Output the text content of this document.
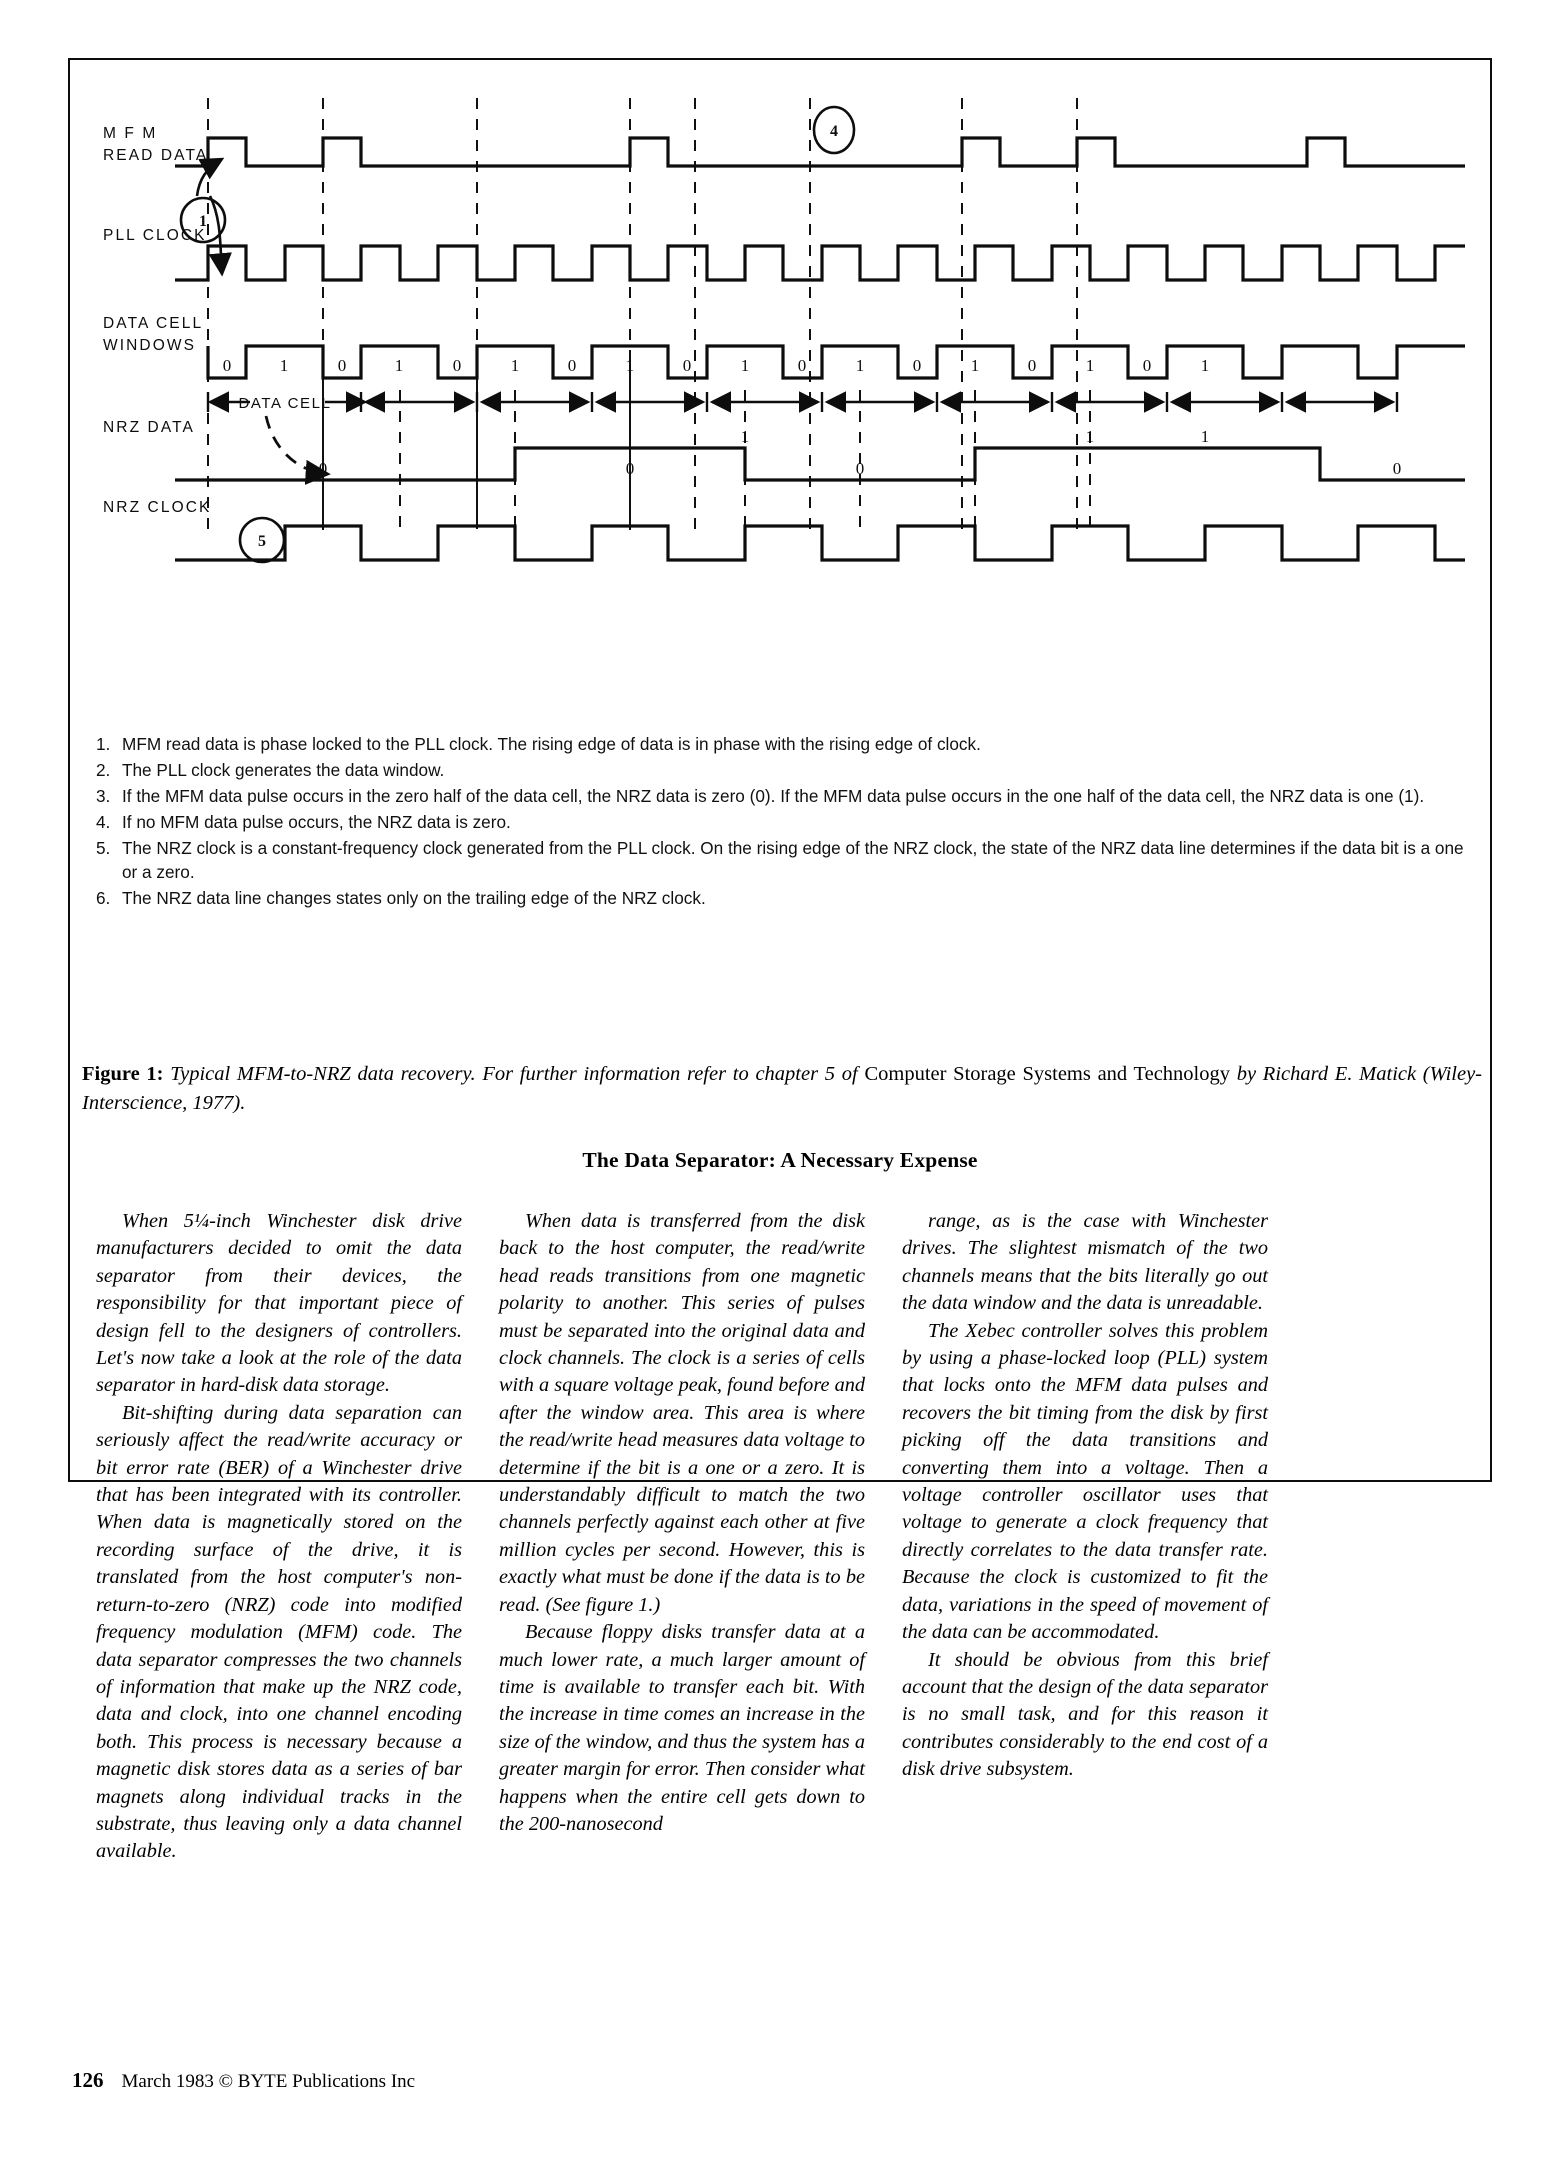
M F M
READ DATA
PLL CLOCK
DATA CELL
WINDOWS
NRZ DATA
NRZ CLOCK
1
4
0	1	0	1	0	1	0	1	0	1	0	1	0	1	0	1	0	1
DATA CELL
0	0
1
0
1	1
0
5
1. MFM read data is phase locked to the PLL clock. The rising edge of data is in phase with the rising edge of clock.
2. The PLL clock generates the data window.
3. If the MFM data pulse occurs in the zero half of the data cell, the NRZ data is zero (0). If the MFM data pulse occurs in the one half of the data cell, the NRZ data is one (1).
4. If no MFM data pulse occurs, the NRZ data is zero.
5. The NRZ clock is a constant-frequency clock generated from the PLL clock. On the rising edge of the NRZ clock, the state of the NRZ data line determines if the data bit is a one or a zero.
6. The NRZ data line changes states only on the trailing edge of the NRZ clock.
Figure 1: Typical MFM-to-NRZ data recovery. For further information refer to chapter 5 of Computer Storage Systems and Technology by Richard E. Matick (Wiley-Interscience, 1977).
The Data Separator: A Necessary Expense

When 5¼-inch Winchester disk drive manufacturers decided to omit the data separator from their devices, the responsibility for that important piece of design fell to the designers of controllers. Let's now take a look at the role of the data separator in hard-disk data storage.

Bit-shifting during data separation can seriously affect the read/write accuracy or bit error rate (BER) of a Winchester drive that has been integrated with its controller. When data is magnetically stored on the recording surface of the drive, it is translated from the host computer's non-return-to-zero (NRZ) code into modified frequency modulation (MFM) code. The data separator compresses the two channels of information that make up the NRZ code, data and clock, into one channel encoding both. This process is necessary because a magnetic disk stores data as a series of bar magnets along individual tracks in the substrate, thus leaving only a data channel available.

When data is transferred from the disk back to the host computer, the read/write head reads transitions from one magnetic polarity to another. This series of pulses must be separated into the original data and clock channels. The clock is a series of cells with a square voltage peak, found before and after the window area. This area is where the read/write head measures data voltage to determine if the bit is a one or a zero. It is understandably difficult to match the two channels perfectly against each other at five million cycles per second. However, this is exactly what must be done if the data is to be read. (See figure 1.)

Because floppy disks transfer data at a much lower rate, a much larger amount of time is available to transfer each bit. With the increase in time comes an increase in the size of the window, and thus the system has a greater margin for error. Then consider what happens when the entire cell gets down to the 200-nanosecond

range, as is the case with Winchester drives. The slightest mismatch of the two channels means that the bits literally go out the data window and the data is unreadable.

The Xebec controller solves this problem by using a phase-locked loop (PLL) system that locks onto the MFM data pulses and recovers the bit timing from the disk by first picking off the data transitions and converting them into a voltage. Then a voltage controller oscillator uses that voltage to generate a clock frequency that directly correlates to the data transfer rate. Because the clock is customized to fit the data, variations in the speed of movement of the data can be accommodated.

It should be obvious from this brief account that the design of the data separator is no small task, and for this reason it contributes considerably to the end cost of a disk drive subsystem.

126 March 1983 © BYTE Publications Inc
